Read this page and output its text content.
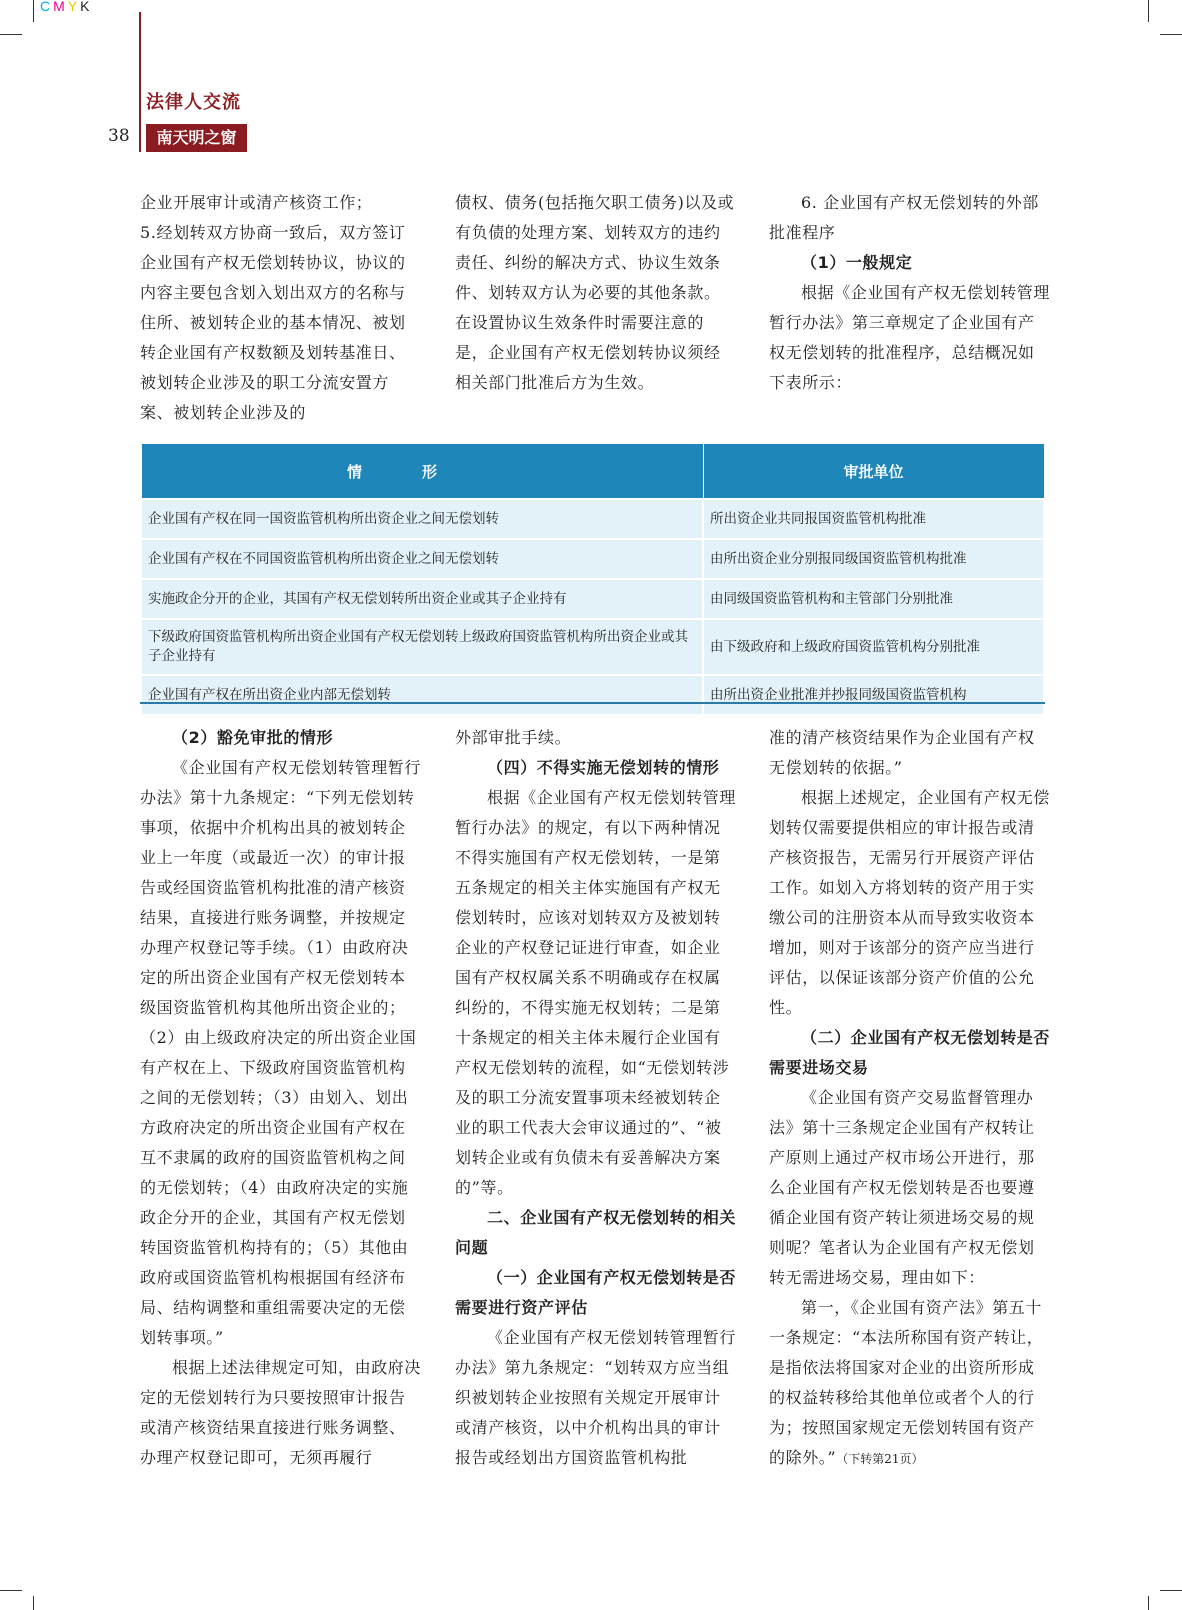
CMYK
法律人交流
38	南天明之窗

企业开展审计或清产核资工作；

5.经划转双方协商一致后，双方签订企业国有产权无偿划转协议，协议的内容主要包含划入划出双方的名称与住所、被划转企业的基本情况、被划转企业国有产权数额及划转基准日、被划转企业涉及的职工分流安置方案、被划转企业涉及的

债权、债务(包括拖欠职工债务)以及或有负债的处理方案、划转双方的违约责任、纠纷的解决方式、协议生效条件、划转双方认为必要的其他条款。在设置协议生效条件时需要注意的是，企业国有产权无偿划转协议须经相关部门批准后方为生效。

6. 企业国有产权无偿划转的外部批准程序

（1）一般规定

根据《企业国有产权无偿划转管理暂行办法》第三章规定了企业国有产权无偿划转的批准程序，总结概况如下表所示：

情形	审批单位
企业国有产权在同一国资监管机构所出资企业之间无偿划转	所出资企业共同报国资监管机构批准
企业国有产权在不同国资监管机构所出资企业之间无偿划转	由所出资企业分别报同级国资监管机构批准
实施政企分开的企业，其国有产权无偿划转所出资企业或其子企业持有	由同级国资监管机构和主管部门分别批准
下级政府国资监管机构所出资企业国有产权无偿划转上级政府国资监管机构所出资企业或其子企业持有	由下级政府和上级政府国资监管机构分别批准
企业国有产权在所出资企业内部无偿划转	由所出资企业批准并抄报同级国资监管机构

（2）豁免审批的情形

《企业国有产权无偿划转管理暂行办法》第十九条规定：“下列无偿划转事项，依据中介机构出具的被划转企业上一年度（或最近一次）的审计报告或经国资监管机构批准的清产核资结果，直接进行账务调整，并按规定办理产权登记等手续。（1）由政府决定的所出资企业国有产权无偿划转本级国资监管机构其他所出资企业的；（2）由上级政府决定的所出资企业国有产权在上、下级政府国资监管机构之间的无偿划转；（3）由划入、划出方政府决定的所出资企业国有产权在互不隶属的政府的国资监管机构之间的无偿划转；（4）由政府决定的实施政企分开的企业，其国有产权无偿划转国资监管机构持有的；（5）其他由政府或国资监管机构根据国有经济布局、结构调整和重组需要决定的无偿划转事项。”

根据上述法律规定可知，由政府决定的无偿划转行为只要按照审计报告或清产核资结果直接进行账务调整、办理产权登记即可，无须再履行

外部审批手续。

（四）不得实施无偿划转的情形

根据《企业国有产权无偿划转管理暂行办法》的规定，有以下两种情况不得实施国有产权无偿划转，一是第五条规定的相关主体实施国有产权无偿划转时，应该对划转双方及被划转企业的产权登记证进行审查，如企业国有产权权属关系不明确或存在权属纠纷的，不得实施无权划转；二是第十条规定的相关主体未履行企业国有产权无偿划转的流程，如“无偿划转涉及的职工分流安置事项未经被划转企业的职工代表大会审议通过的”、“被划转企业或有负债未有妥善解决方案的”等。

二、企业国有产权无偿划转的相关问题

（一）企业国有产权无偿划转是否需要进行资产评估

《企业国有产权无偿划转管理暂行办法》第九条规定：“划转双方应当组织被划转企业按照有关规定开展审计或清产核资，以中介机构出具的审计报告或经划出方国资监管机构批

准的清产核资结果作为企业国有产权无偿划转的依据。”

根据上述规定，企业国有产权无偿划转仅需要提供相应的审计报告或清产核资报告，无需另行开展资产评估工作。如划入方将划转的资产用于实缴公司的注册资本从而导致实收资本增加，则对于该部分的资产应当进行评估，以保证该部分资产价值的公允性。

（二）企业国有产权无偿划转是否需要进场交易

《企业国有资产交易监督管理办法》第十三条规定企业国有产权转让产原则上通过产权市场公开进行，那么企业国有产权无偿划转是否也要遵循企业国有资产转让须进场交易的规则呢？笔者认为企业国有产权无偿划转无需进场交易，理由如下：

第一，《企业国有资产法》第五十一条规定：“本法所称国有资产转让，是指依法将国家对企业的出资所形成的权益转移给其他单位或者个人的行为；按照国家规定无偿划转国有资产的除外。”（下转第21页）
